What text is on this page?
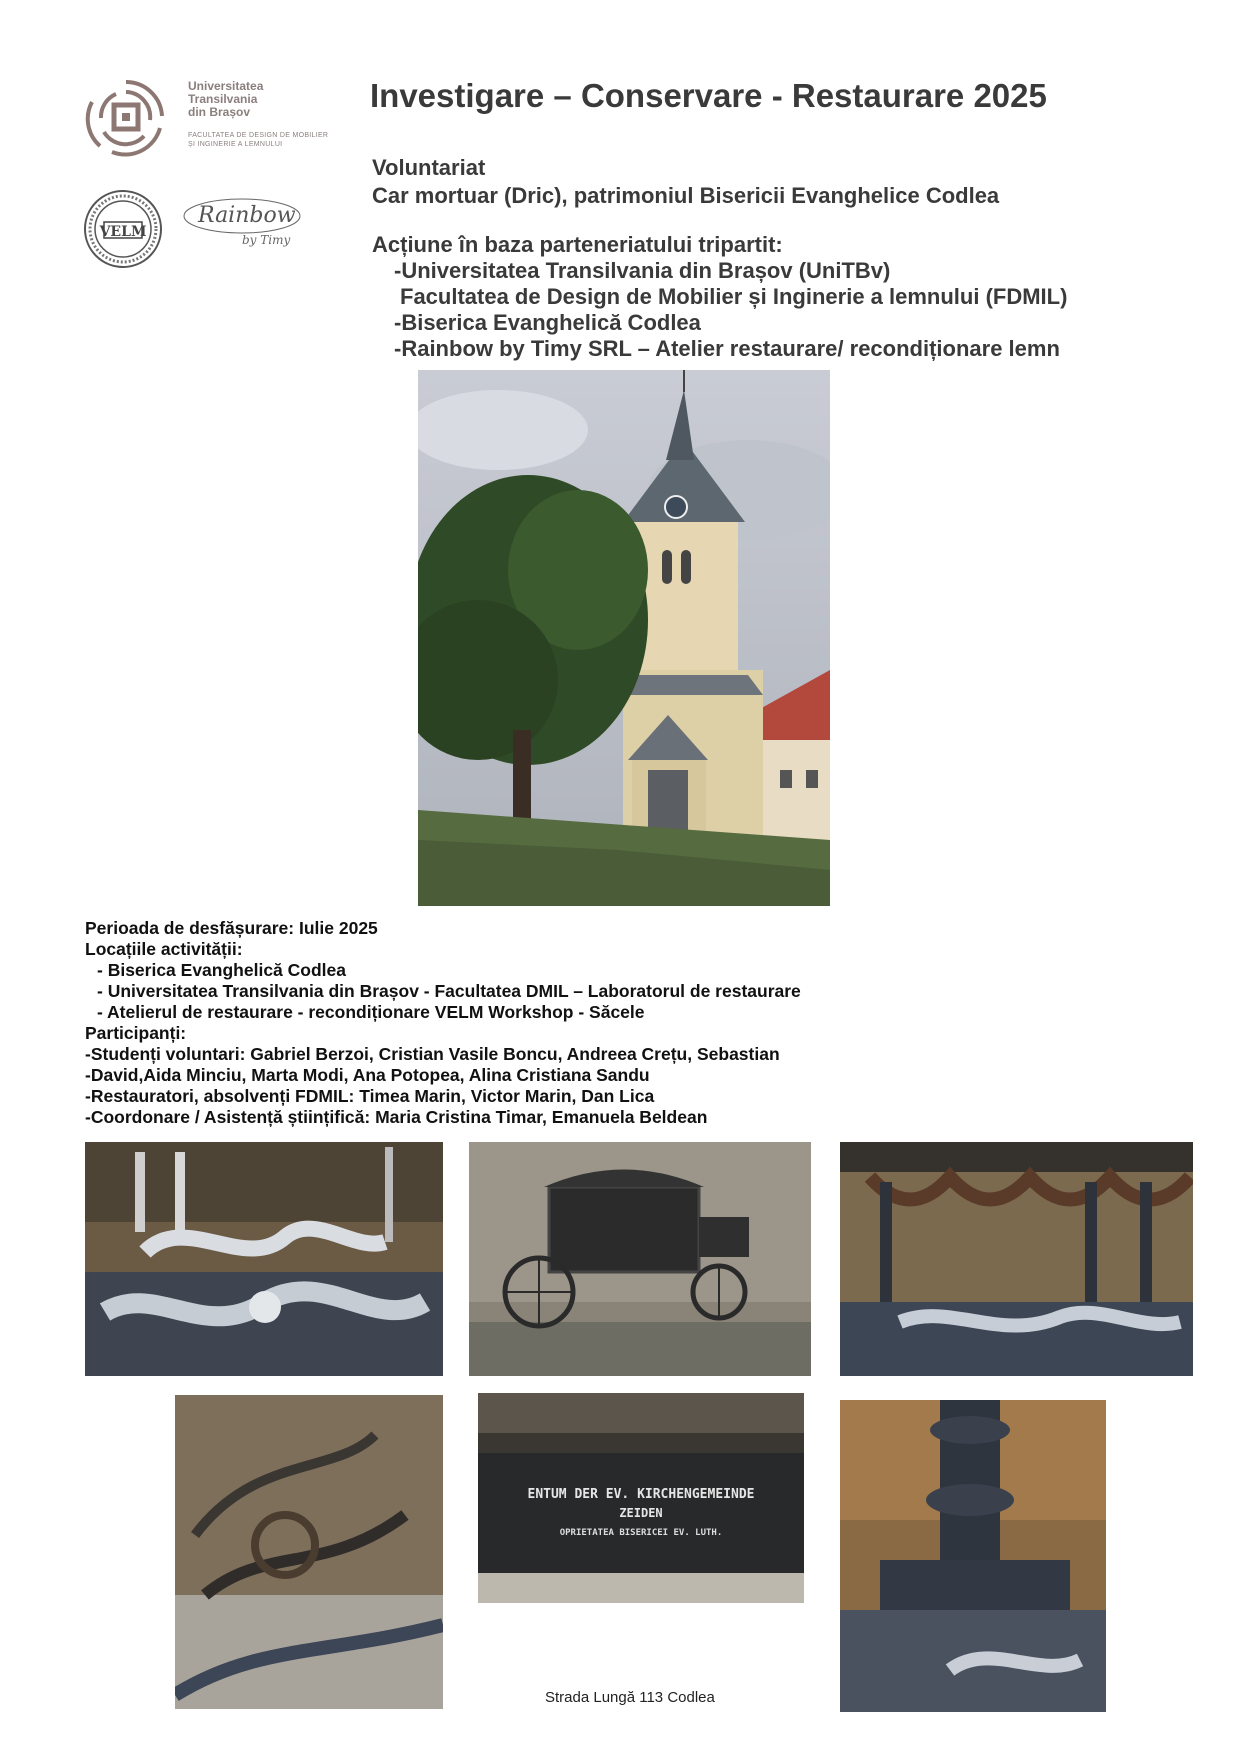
Universitatea
Transilvania
din Brașov
FACULTATEA DE DESIGN DE MOBILIER
ȘI INGINERIE A LEMNULUI
VELM
Rainbow
by Timy
Investigare – Conservare - Restaurare 2025
Voluntariat
Car mortuar (Dric), patrimoniul Bisericii Evanghelice Codlea
Acțiune în baza parteneriatului tripartit:
-Universitatea Transilvania din Brașov (UniTBv)
Facultatea de Design de Mobilier și Inginerie a lemnului (FDMIL)
-Biserica Evanghelică Codlea
-Rainbow by Timy SRL – Atelier restaurare/ recondiționare lemn
Perioada de desfășurare: Iulie 2025
Locațiile activității:
- Biserica Evanghelică Codlea
- Universitatea Transilvania din Brașov - Facultatea DMIL – Laboratorul de restaurare
- Atelierul de restaurare - recondiționare VELM Workshop - Săcele
Participanți:
-Studenți voluntari: Gabriel Berzoi, Cristian Vasile Boncu, Andreea Crețu, Sebastian
-David,Aida Minciu, Marta Modi, Ana Potopea, Alina Cristiana Sandu
-Restauratori, absolvenți FDMIL: Timea Marin, Victor Marin, Dan Lica
-Coordonare / Asistență științifică: Maria Cristina Timar, Emanuela Beldean
ENTUM DER EV. KIRCHENGEMEINDE
ZEIDEN
OPRIETATEA BISERICEI EV. LUTH.
Strada Lungă 113 Codlea
